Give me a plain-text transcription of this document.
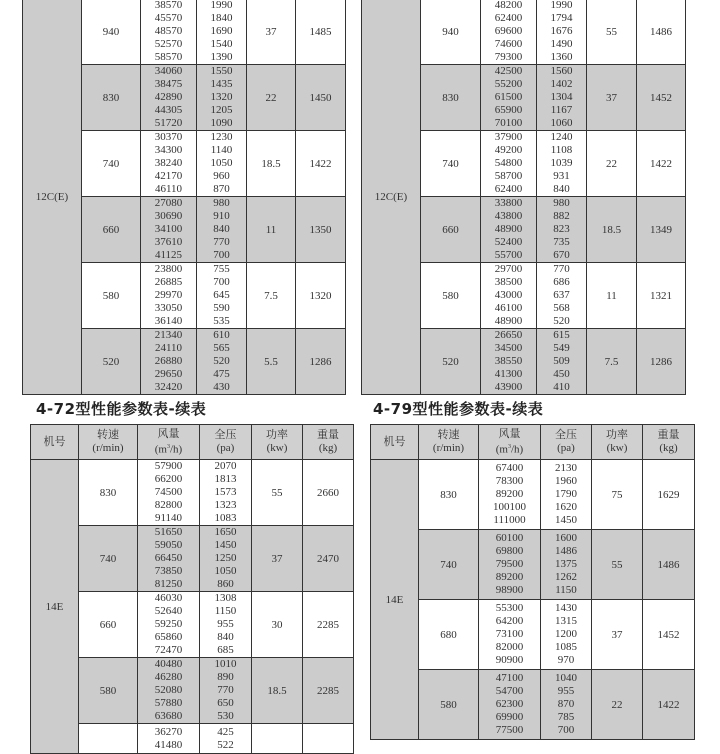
12C(E)	940	
38570
45570
48570
52570
58570

1990
1840
1690
1540
1390
	37	1485
830	
34060
38475
42890
44305
51720

1550
1435
1320
1205
1090
	22	1450
740	
30370
34300
38240
42170
46110

1230
1140
1050
960
870
	18.5	1422
660	
27080
30690
34100
37610
41125

980
910
840
770
700
	11	1350
580	
23800
26885
29970
33050
36140

755
700
645
590
535
	7.5	1320
520	
21340
24110
26880
29650
32420

610
565
520
475
430
	5.5	1286
12C(E)	940	
48200
62400
69600
74600
79300

1990
1794
1676
1490
1360
	55	1486
830	
42500
55200
61500
65900
70100

1560
1402
1304
1167
1060
	37	1452
740	
37900
49200
54800
58700
62400

1240
1108
1039
931
840
	22	1422
660	
33800
43800
48900
52400
55700

980
882
823
735
670
	18.5	1349
580	
29700
38500
43000
46100
48900

770
686
637
568
520
	11	1321
520	
26650
34500
38550
41300
43900

615
549
509
450
410
	7.5	1286
4-72型性能参数表-续表	4-79型性能参数表-续表
机号	转速
(r/min)	风量
$(m^3/h)$	全压
(pa)	功率
(kw)	重量
(kg)
14E	830	
57900
66200
74500
82800
91140

2070
1813
1573
1323
1083
	55	2660
740	
51650
59050
66450
73850
81250

1650
1450
1250
1050
860
	37	2470
660	
46030
52640
59250
65860
72470

1308
1150
955
840
685
	30	2285
580	
40480
46280
52080
57880
63680

1010
890
770
650
530
	18.5	2285

36270
41480

425
522

机号	转速
(r/min)	风量
$(m^3/h)$	全压
(pa)	功率
(kw)	重量
(kg)
14E	830	
67400
78300
89200
100100
111000

2130
1960
1790
1620
1450
	75	1629
740	
60100
69800
79500
89200
98900

1600
1486
1375
1262
1150
	55	1486
680	
55300
64200
73100
82000
90900

1430
1315
1200
1085
970
	37	1452
580	
47100
54700
62300
69900
77500

1040
955
870
785
700
	22	1422
